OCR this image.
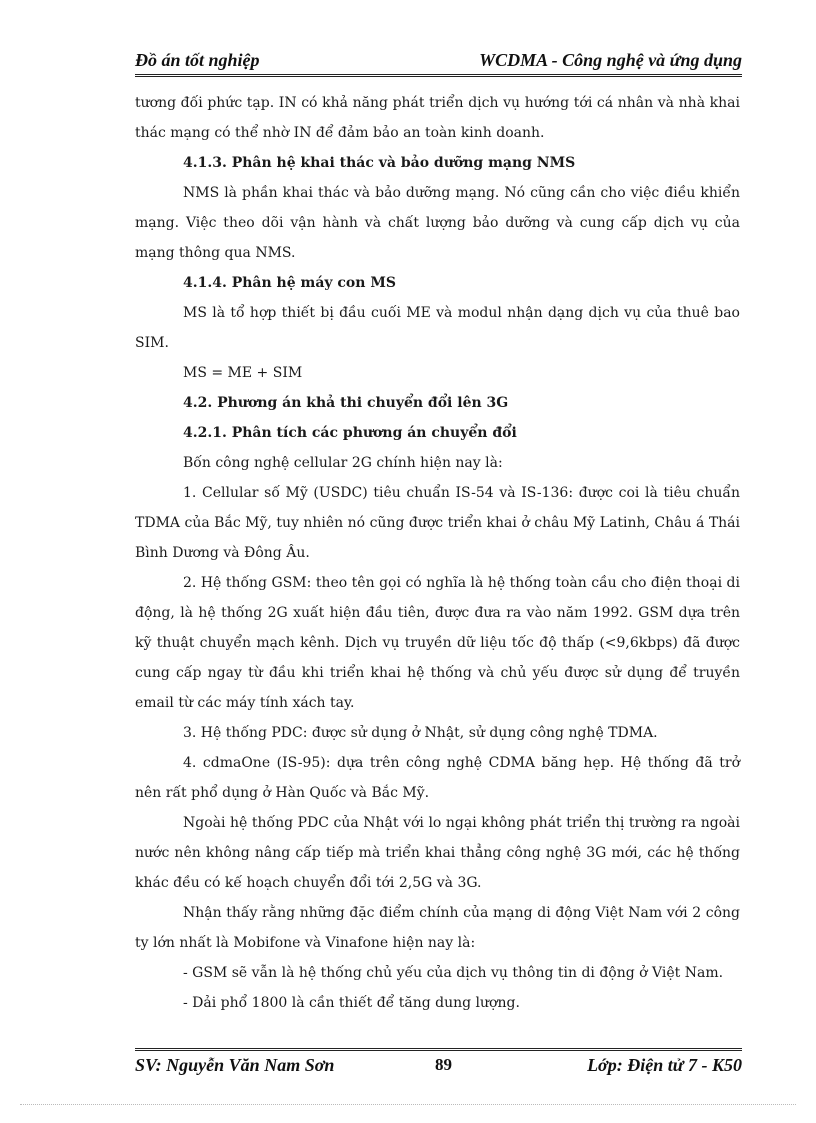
Đồ án tốt nghiệp	WCDMA - Công nghệ và ứng dụng

tương đối phức tạp. IN có khả năng phát triển dịch vụ hướng tới cá nhân và nhà khai thác mạng có thể nhờ IN để đảm bảo an toàn kinh doanh.

4.1.3. Phân hệ khai thác và bảo dưỡng mạng NMS

NMS là phần khai thác và bảo dưỡng mạng. Nó cũng cần cho việc điều khiển mạng. Việc theo dõi vận hành và chất lượng bảo dưỡng và cung cấp dịch vụ của mạng thông qua NMS.

4.1.4. Phân hệ máy con MS

MS là tổ hợp thiết bị đầu cuối ME và modul nhận dạng dịch vụ của thuê bao SIM.

MS = ME + SIM

4.2. Phương án khả thi chuyển đổi lên 3G

4.2.1. Phân tích các phương án chuyển đổi

Bốn công nghệ cellular 2G chính hiện nay là:

1. Cellular số Mỹ (USDC) tiêu chuẩn IS-54 và IS-136: được coi là tiêu chuẩn TDMA của Bắc Mỹ, tuy nhiên nó cũng được triển khai ở châu Mỹ Latinh, Châu á Thái Bình Dương và Đông Âu.

2. Hệ thống GSM: theo tên gọi có nghĩa là hệ thống toàn cầu cho điện thoại di động, là hệ thống 2G xuất hiện đầu tiên, được đưa ra vào năm 1992. GSM dựa trên kỹ thuật chuyển mạch kênh. Dịch vụ truyền dữ liệu tốc độ thấp (<9,6kbps) đã được cung cấp ngay từ đầu khi triển khai hệ thống và chủ yếu được sử dụng để truyền email từ các máy tính xách tay.

3. Hệ thống PDC: được sử dụng ở Nhật, sử dụng công nghệ TDMA.

4. cdmaOne (IS-95): dựa trên công nghệ CDMA băng hẹp. Hệ thống đã trở nên rất phổ dụng ở Hàn Quốc và Bắc Mỹ.

Ngoài hệ thống PDC của Nhật với lo ngại không phát triển thị trường ra ngoài nước nên không nâng cấp tiếp mà triển khai thẳng công nghệ 3G mới, các hệ thống khác đều có kế hoạch chuyển đổi tới 2,5G và 3G.

Nhận thấy rằng những đặc điểm chính của mạng di động Việt Nam với 2 công ty lớn nhất là Mobifone và Vinafone hiện nay là:

- GSM sẽ vẫn là hệ thống chủ yếu của dịch vụ thông tin di động ở Việt Nam.

- Dải phổ 1800 là cần thiết để tăng dung lượng.

SV: Nguyễn Văn Nam Sơn	89	Lớp: Điện tử 7 - K50
